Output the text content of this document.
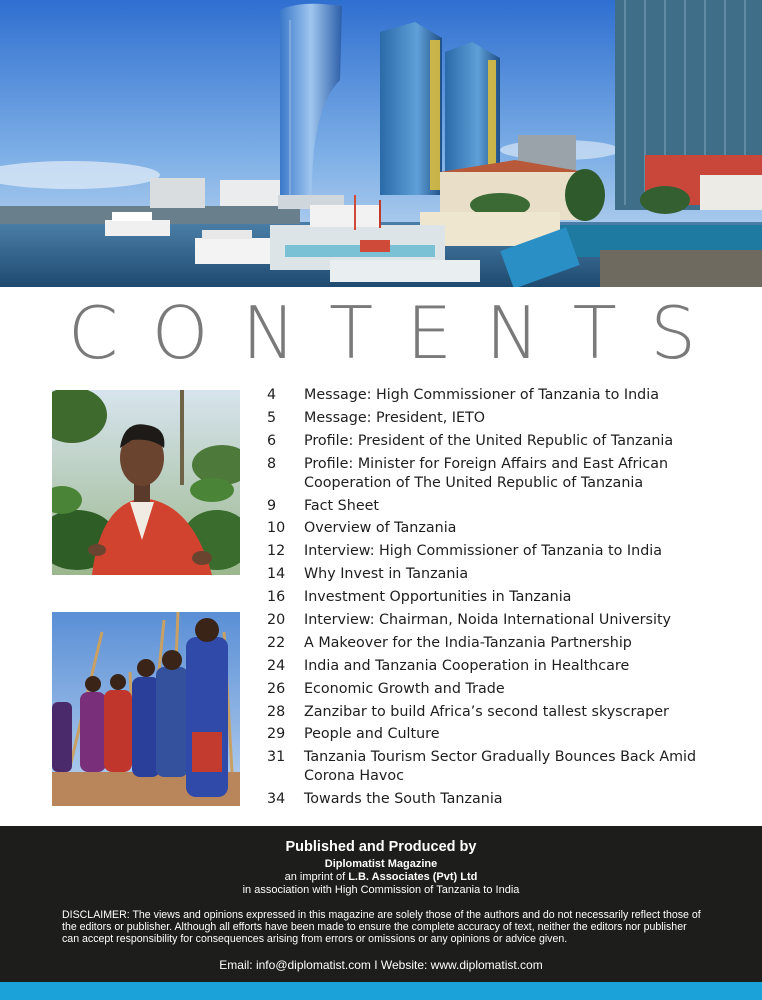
C O N T E N T S
4	Message: High Commissioner of Tanzania to India
5	Message: President, IETO
6	Profile: President of the United Republic of Tanzania
8	Profile: Minister for Foreign Affairs and East African Cooperation of The United Republic of Tanzania
9	Fact Sheet
10	Overview of Tanzania
12	Interview: High Commissioner of Tanzania to India
14	Why Invest in Tanzania
16	Investment Opportunities in Tanzania
20	Interview: Chairman, Noida International University
22	A Makeover for the India-Tanzania Partnership
24	India and Tanzania Cooperation in Healthcare
26	Economic Growth and Trade
28	Zanzibar to build Africa’s second tallest skyscraper
29	People and Culture
31	Tanzania Tourism Sector Gradually Bounces Back Amid Corona Havoc
34	Towards the South Tanzania
Published and Produced by
Diplomatist Magazine
an imprint of L.B. Associates (Pvt) Ltd
in association with High Commission of Tanzania to India
DISCLAIMER: The views and opinions expressed in this magazine are solely those of the authors and do not necessarily reflect those of the editors or publisher. Although all efforts have been made to ensure the complete accuracy of text, neither the editors nor publisher can accept responsibility for consequences arising from errors or omissions or any opinions or advice given.
Email: info@diplomatist.com I Website: www.diplomatist.com
